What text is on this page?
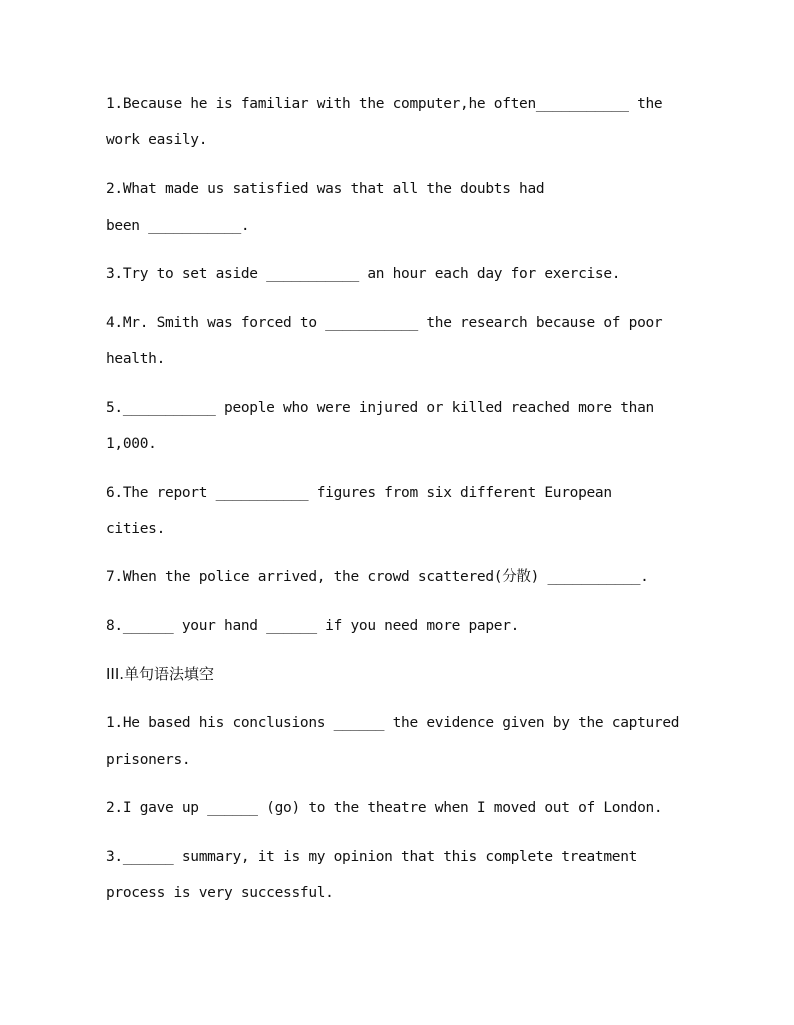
1.Because he is familiar with the computer,he often___________ the
work easily.
2.What made us satisfied was that all the doubts had
been ___________.
3.Try to set aside ___________ an hour each day for exercise.
4.Mr. Smith was forced to ___________ the research because of poor
health.
5.___________ people who were injured or killed reached more than
1,000.
6.The report ___________ figures from six different European
cities.
7.When the police arrived, the crowd scattered(分散) ___________.
8.______ your hand ______ if you need more paper.
III.单句语法填空
1.He based his conclusions ______ the evidence given by the captured
prisoners.
2.I gave up ______ (go) to the theatre when I moved out of London.
3.______ summary, it is my opinion that this complete treatment
process is very successful.
